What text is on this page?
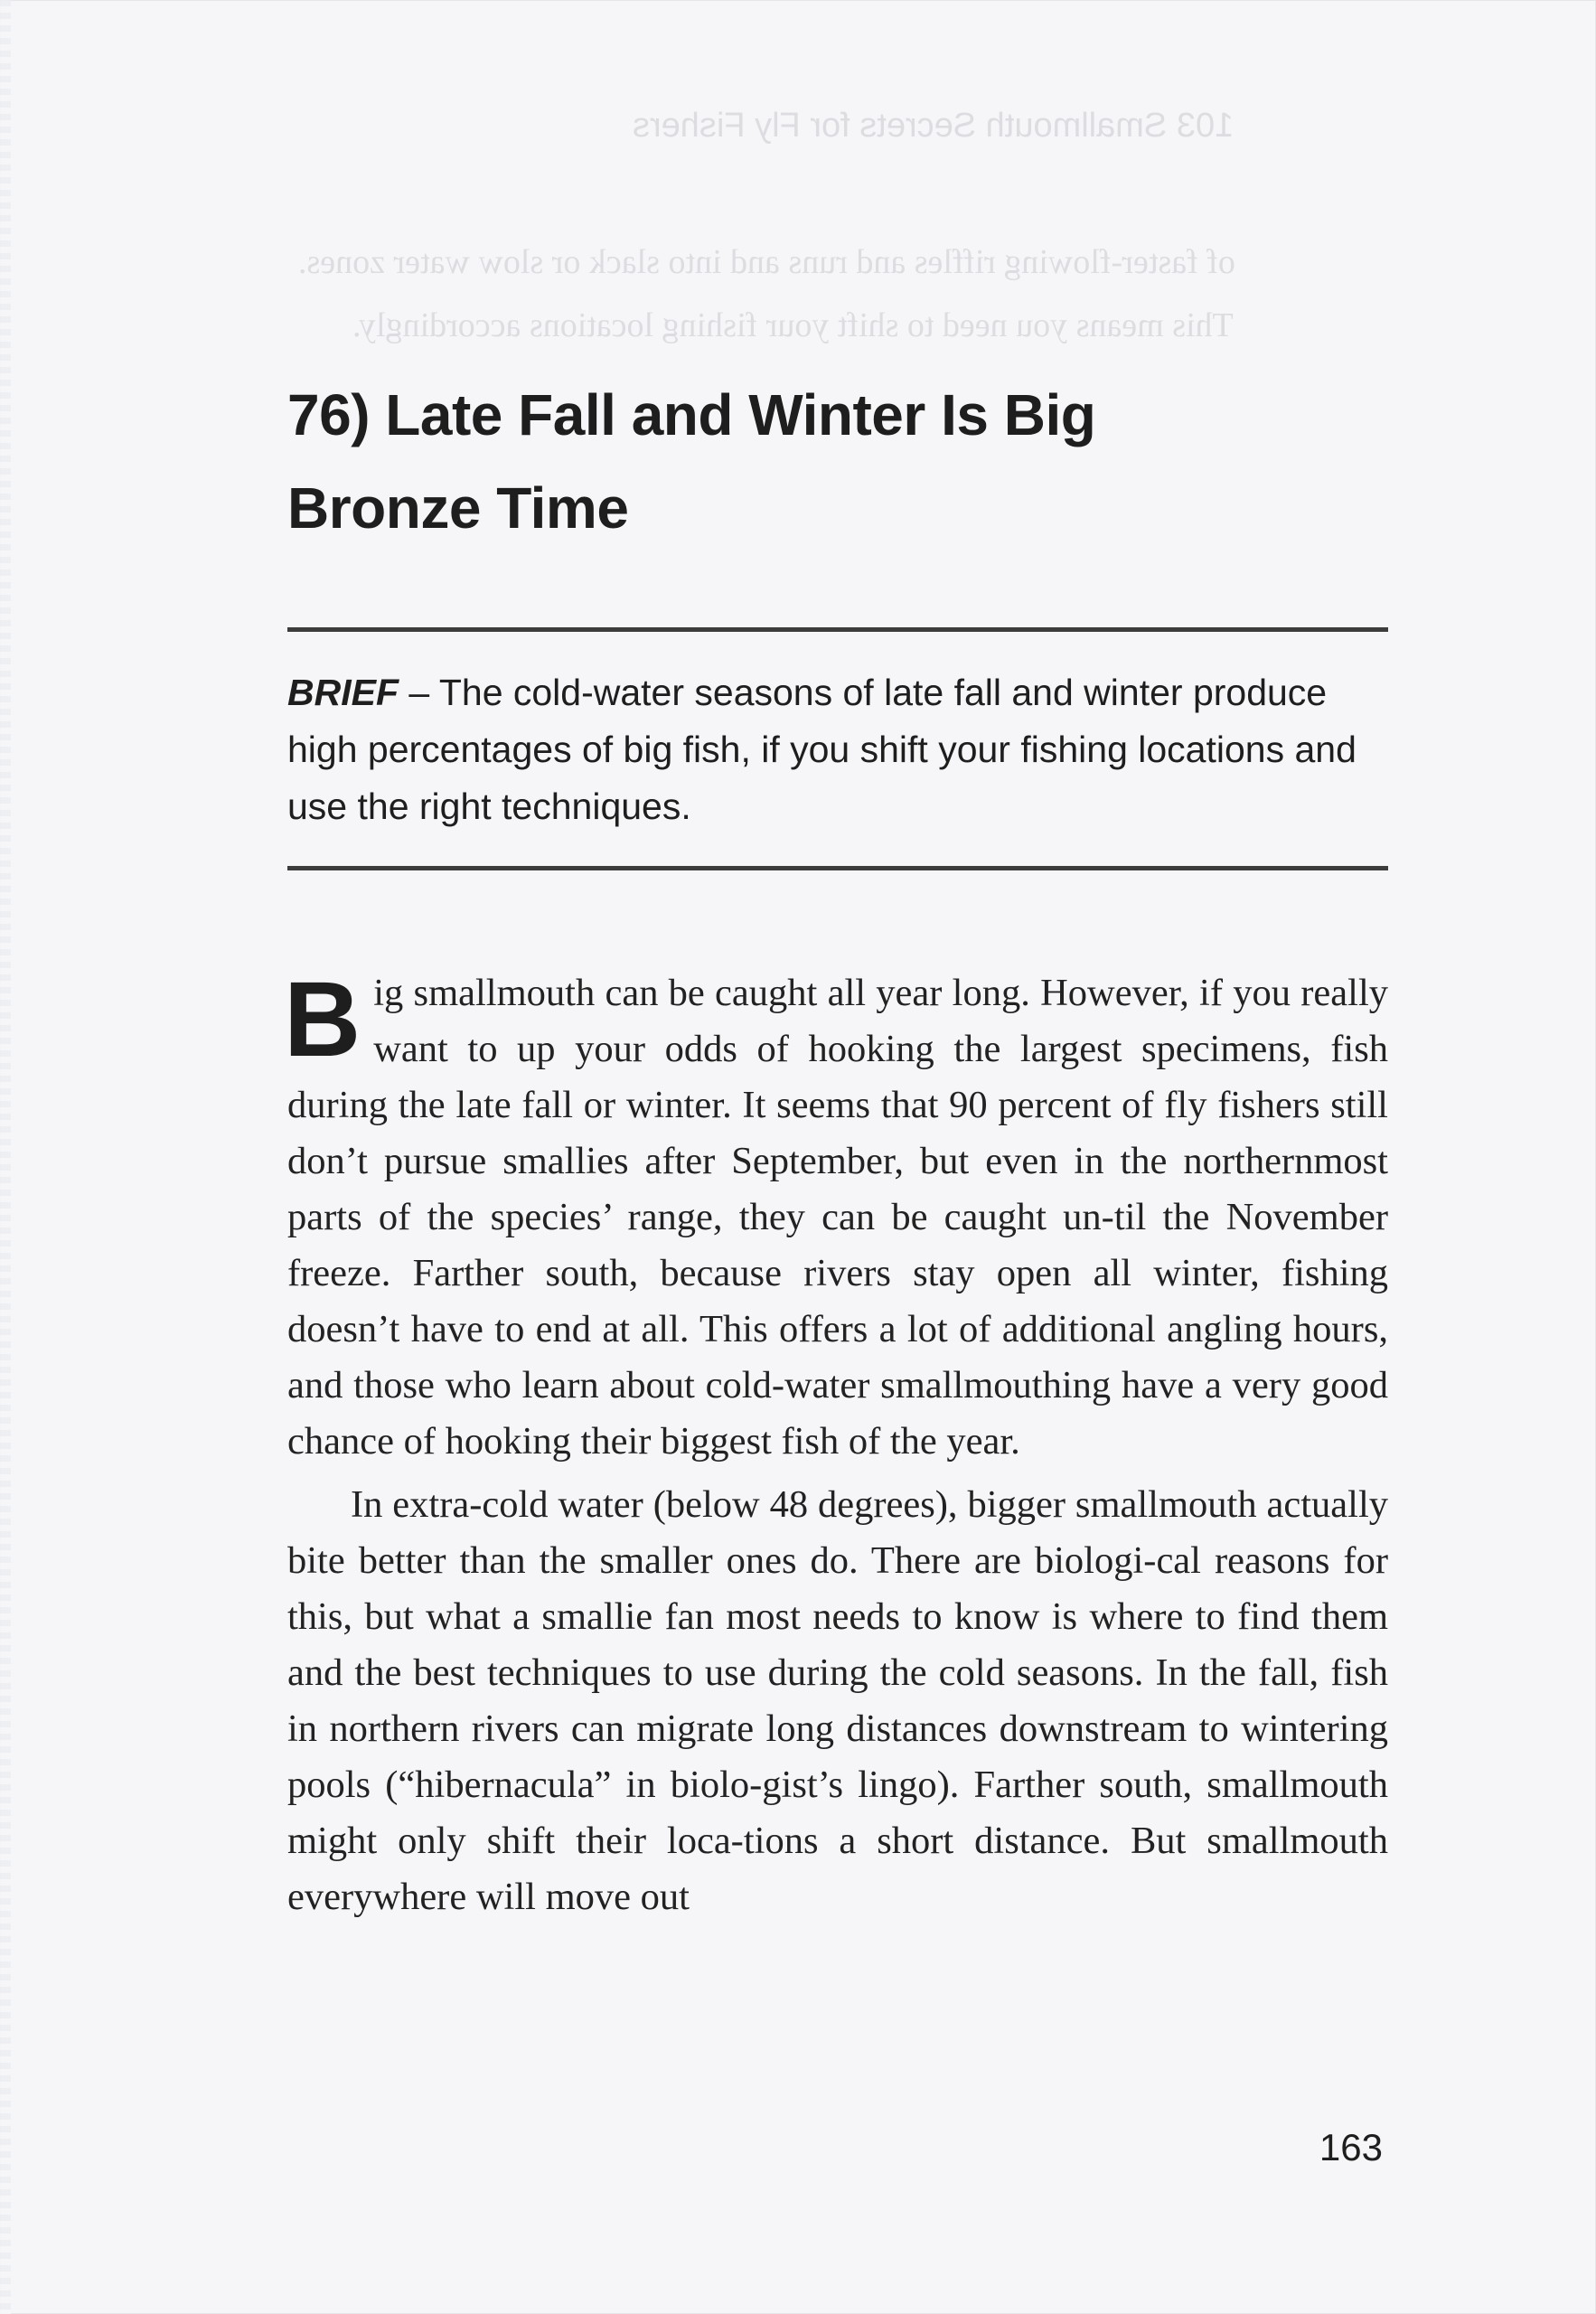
103 Smallmouth Secrets for Fly Fishers
of faster-flowing riffles and runs and into slack or slow water zones.
This means you need to shift your fishing locations accordingly.
76) Late Fall and Winter Is Big
Bronze Time

BRIEF – The cold-water seasons of late fall and winter produce high percentages of big fish, if you shift your fishing locations and use the right techniques.

Big smallmouth can be caught all year long. However, if you really want to up your odds of hooking the largest specimens, fish during the late fall or winter. It seems that 90 percent of fly fishers still don’t pursue smallies after September, but even in the northernmost parts of the species’ range, they can be caught un-til the November freeze. Farther south, because rivers stay open all winter, fishing doesn’t have to end at all. This offers a lot of additional angling hours, and those who learn about cold-water smallmouthing have a very good chance of hooking their biggest fish of the year.

In extra-cold water (below 48 degrees), bigger smallmouth actually bite better than the smaller ones do. There are biologi-cal reasons for this, but what a smallie fan most needs to know is where to find them and the best techniques to use during the cold seasons. In the fall, fish in northern rivers can migrate long distances downstream to wintering pools (“hibernacula” in biolo-gist’s lingo). Farther south, smallmouth might only shift their loca-tions a short distance. But smallmouth everywhere will move out

163
